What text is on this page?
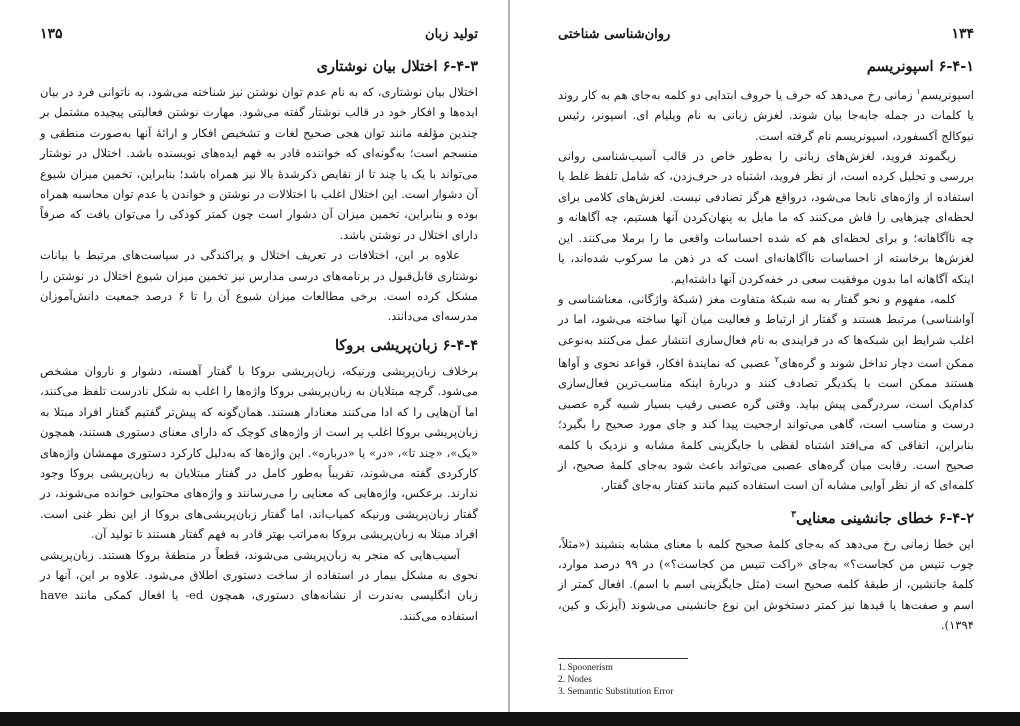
تولید زبان
۱۳۵
۶-۴-۳ اختلال بیان نوشتاری

اختلال بیان نوشتاری، که به نام عدم توان نوشتن نیز شناخته می‌شود، به ناتوانی فرد در بیان ایده‌ها و افکار خود در قالب نوشتار گفته می‌شود. مهارت نوشتن فعالیتی پیچیده مشتمل بر چندین مؤلفه مانند توان هجی صحیح لغات و تشخیص افکار و ارائهٔ آنها به‌صورت منطقی و منسجم است؛ به‌گونه‌ای که خواننده قادر به فهم ایده‌های نویسنده باشد. اختلال در نوشتار می‌تواند با یک یا چند تا از نقایص ذکرشدهٔ بالا نیز همراه باشد؛ بنابراین، تخمین میزان شیوع آن دشوار است. این اختلال اغلب با اختلالات در نوشتن و خواندن یا عدم توان محاسبه همراه بوده و بنابراین، تخمین میزان آن دشوار است چون کمتر کودکی را می‌توان یافت که صرفاً دارای اختلال در نوشتن باشد.

علاوه بر این، اختلافات در تعریف اختلال و پراکندگی در سیاست‌های مرتبط با بیانات نوشتاری قابل‌قبول در برنامه‌های درسی مدارس نیز تخمین میزان شیوع اختلال در نوشتن را مشکل کرده است. برخی مطالعات میزان شیوع آن را تا ۶ درصد جمعیت دانش‌آموزان مدرسه‌ای می‌دانند.

۶-۴-۴ زبان‌پریشی بروکا

برخلاف زبان‌پریشی ورنیکه، زبان‌پریشی بروکا با گفتار آهسته، دشوار و ناروان مشخص می‌شود. گرچه مبتلایان به زبان‌پریشی بروکا واژه‌ها را اغلب به شکل نادرست تلفظ می‌کنند، اما آن‌هایی را که ادا می‌کنند معنادار هستند. همان‌گونه که پیش‌تر گفتیم گفتار افراد مبتلا به زبان‌پریشی بروکا اغلب پر است از واژه‌های کوچک که دارای معنای دستوری هستند، همچون «یک»، «چند تا»، «در» یا «درباره». این واژه‌ها که به‌دلیل کارکرد دستوری مهمشان واژه‌های کارکردی گفته می‌شوند، تقریباً به‌طور کامل در گفتار مبتلایان به زبان‌پریشی بروکا وجود ندارند. برعکس، واژه‌هایی که معنایی را می‌رسانند و واژه‌های محتوایی خوانده می‌شوند، در گفتار زبان‌پریشی ورنیکه کمیاب‌اند، اما گفتار زبان‌پریشی‌های بروکا از این نظر غنی است. افراد مبتلا به زبان‌پریشی بروکا به‌مراتب بهتر قادر به فهم گفتار هستند تا تولید آن.

آسیب‌هایی که منجر به زبان‌پریشی می‌شوند، قطعاً در منطقهٔ بروکا هستند. زبان‌پریشی نحوی به مشکل بیمار در استفاده از ساخت دستوری اطلاق می‌شود. علاوه بر این، آنها در زبان انگلیسی به‌ندرت از نشانه‌های دستوری، همچون ed- یا افعال کمکی مانند have استفاده می‌کنند.

۱۳۴
روان‌شناسی شناختی
۶-۴-۱ اسپونریسم

اسپونریسم$^۱$ زمانی رخ می‌دهد که حرف یا حروف ابتدایی دو کلمه به‌جای هم به کار روند یا کلمات در جمله جابه‌جا بیان شوند. لغزش زبانی به نام ویلیام ای. اسپونر، رئیس نیوکالج آکسفورد، اسپونریسم نام گرفته است.

زیگموند فروید، لغزش‌های زبانی را به‌طور خاص در قالب آسیب‌شناسی روانی بررسی و تحلیل کرده است، از نظر فروید، اشتباه در حرف‌زدن، که شامل تلفظ غلط یا استفاده از واژه‌های نابجا می‌شود، درواقع هرگز تصادفی نیست. لغزش‌های کلامی برای لحظه‌ای چیزهایی را فاش می‌کنند که ما مایل به پنهان‌کردن آنها هستیم، چه آگاهانه و چه ناآگاهانه؛ و برای لحظه‌ای هم که شده احساسات واقعی ما را برملا می‌کنند. این لغزش‌ها برخاسته از احساسات ناآگاهانه‌ای است که در ذهن ما سرکوب شده‌اند، یا اینکه آگاهانه اما بدون موفقیت سعی در خفه‌کردن آنها داشته‌ایم.

کلمه، مفهوم و نحو گفتار به سه شبکهٔ متفاوت مغز (شبکهٔ واژگانی، معناشناسی و آواشناسی) مرتبط هستند و گفتار از ارتباط و فعالیت میان آنها ساخته می‌شود، اما در اغلب شرایط این شبکه‌ها که در فرایندی به نام فعال‌سازی انتشار عمل می‌کنند به‌نوعی ممکن است دچار تداخل شوند و گره‌های$^۲$ عصبی که نمایندهٔ افکار، قواعد نحوی و آواها هستند ممکن است با یکدیگر تصادف کنند و دربارهٔ اینکه مناسب‌ترین فعال‌سازی کدام‌یک است، سردرگمی پیش بیاید. وقتی گره عصبی رقیب بسیار شبیه گره عصبی درست و مناسب است، گاهی می‌تواند ارجحیت پیدا کند و جای مورد صحیح را بگیرد؛ بنابراین، اتفاقی که می‌افتد اشتباه لفظی با جایگزینی کلمهٔ مشابه و نزدیک با کلمه صحیح است. رقابت میان گره‌های عصبی می‌تواند باعث شود به‌جای کلمهٔ صحیح، از کلمه‌ای که از نظر آوایی مشابه آن است استفاده کنیم مانند کفتار به‌جای گفتار.

۶-۴-۲ خطای جانشینی معنایی$^۳$

این خطا زمانی رخ می‌دهد که به‌جای کلمهٔ صحیح کلمه با معنای مشابه بنشیند («مثلاً، چوب تنیس من کجاست؟» به‌جای «راکت تنیس من کجاست؟») در ۹۹ درصد موارد، کلمهٔ جانشین، از طبقهٔ کلمه صحیح است (مثل جایگزینی اسم با اسم). افعال کمتر از اسم و صفت‌ها یا قیدها نیز کمتر دستخوش این نوع جانشینی می‌شوند (آیزنک و کین، ۱۳۹۴).

1. Spoonerism
2. Nodes
3. Semantic Substitution Error
